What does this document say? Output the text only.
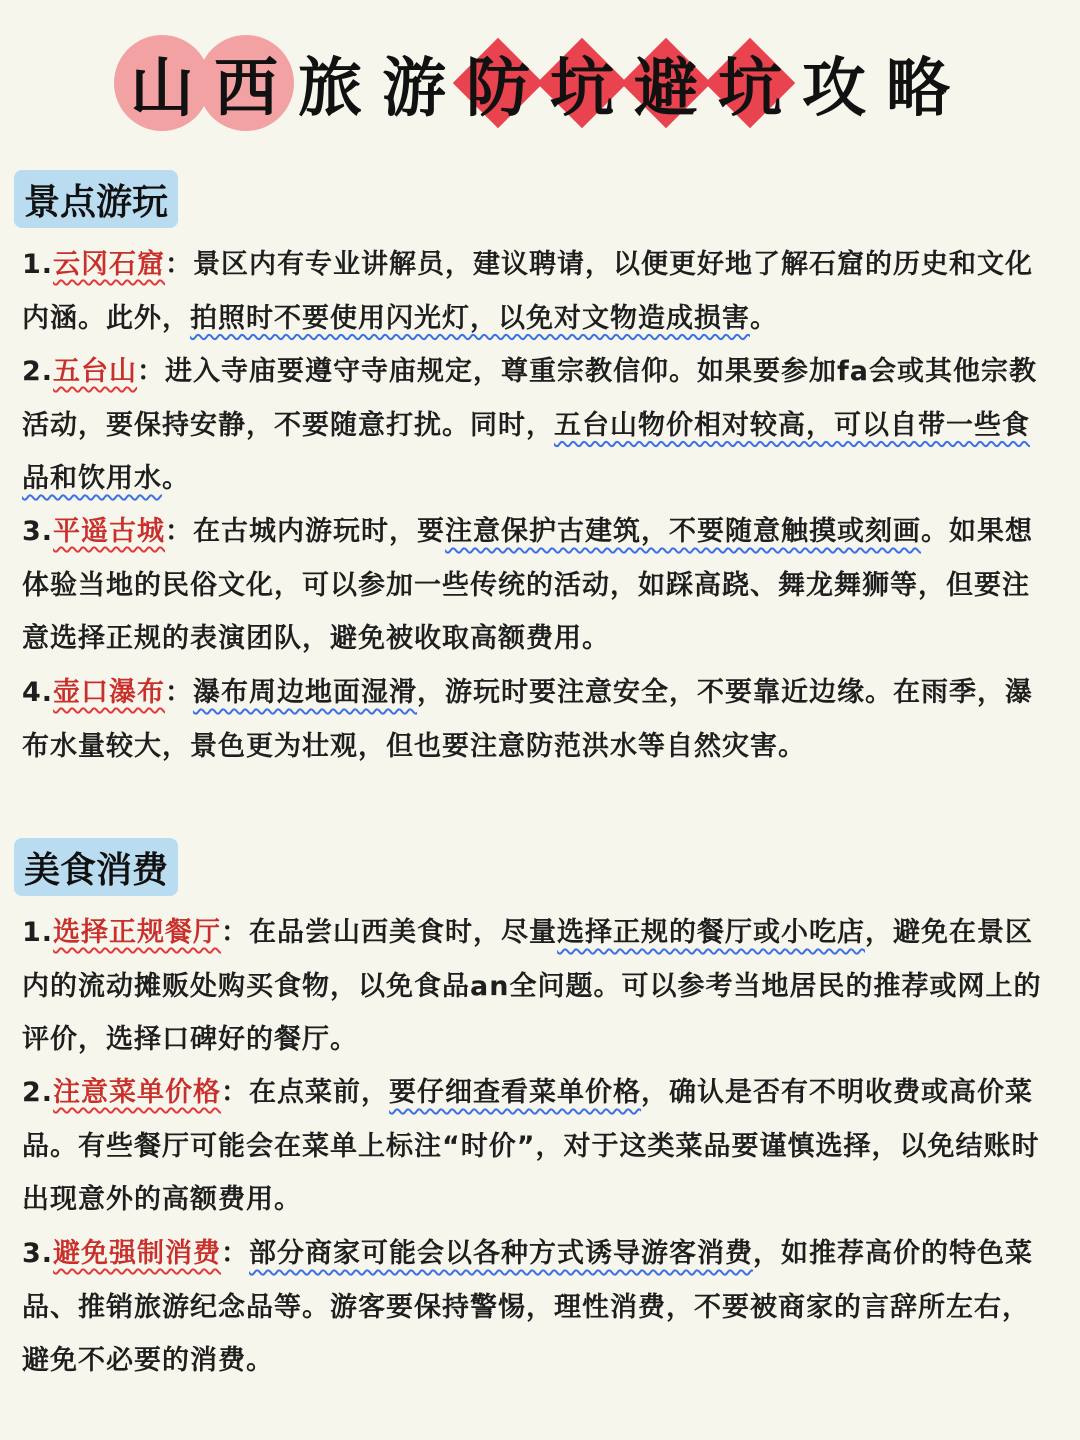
山 西 旅 游 防 坑 避 坑 攻 略
景点游玩
1.云冈石窟：景区内有专业讲解员，建议聘请，以便更好地了解石窟的历史和文化内涵。此外，拍照时不要使用闪光灯，以免对文物造成损害。
2.五台山：进入寺庙要遵守寺庙规定，尊重宗教信仰。如果要参加fa会或其他宗教活动，要保持安静，不要随意打扰。同时，五台山物价相对较高，可以自带一些食品和饮用水。
3.平遥古城：在古城内游玩时，要注意保护古建筑，不要随意触摸或刻画。如果想体验当地的民俗文化，可以参加一些传统的活动，如踩高跷、舞龙舞狮等，但要注意选择正规的表演团队，避免被收取高额费用。
4.壶口瀑布：瀑布周边地面湿滑，游玩时要注意安全，不要靠近边缘。在雨季，瀑布水量较大，景色更为壮观，但也要注意防范洪水等自然灾害。
美食消费
1.选择正规餐厅：在品尝山西美食时，尽量选择正规的餐厅或小吃店，避免在景区内的流动摊贩处购买食物，以免食品an全问题。可以参考当地居民的推荐或网上的评价，选择口碑好的餐厅。
2.注意菜单价格：在点菜前，要仔细查看菜单价格，确认是否有不明收费或高价菜品。有些餐厅可能会在菜单上标注“时价”，对于这类菜品要谨慎选择，以免结账时出现意外的高额费用。
3.避免强制消费：部分商家可能会以各种方式诱导游客消费，如推荐高价的特色菜品、推销旅游纪念品等。游客要保持警惕，理性消费，不要被商家的言辞所左右，避免不必要的消费。
